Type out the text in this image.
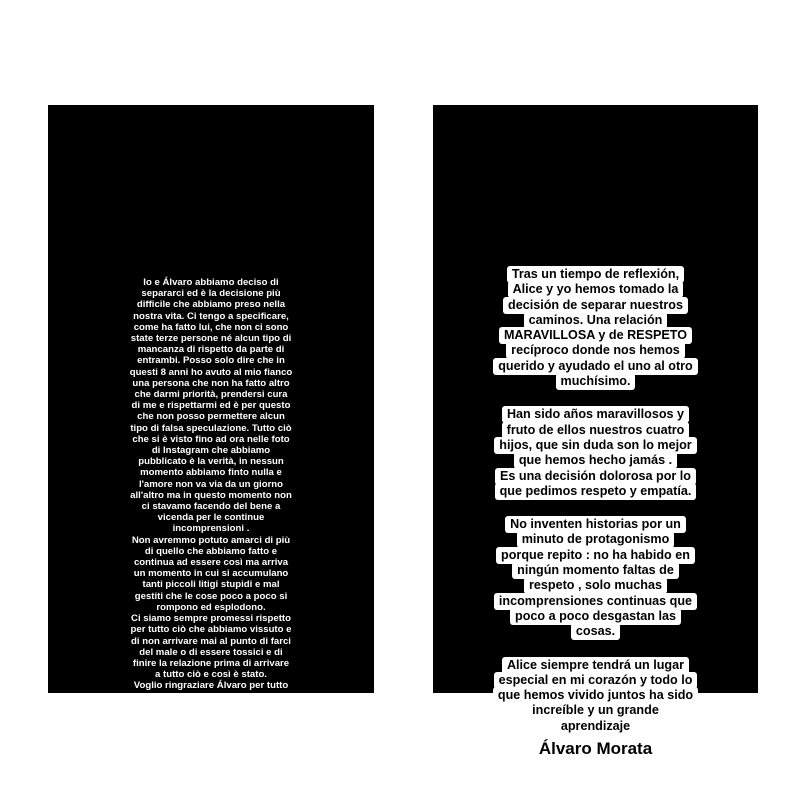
Io e Álvaro abbiamo deciso di
separarci ed è la decisione più
difficile che abbiamo preso nella
nostra vita. Ci tengo a specificare,
come ha fatto lui, che non ci sono
state terze persone né alcun tipo di
mancanza di rispetto da parte di
entrambi. Posso solo dire che in
questi 8 anni ho avuto al mio fianco
una persona che non ha fatto altro
che darmi priorità, prendersi cura
di me e rispettarmi ed è per questo
che non posso permettere alcun
tipo di falsa speculazione. Tutto ciò
che si è visto fino ad ora nelle foto
di Instagram che abbiamo
pubblicato è la verità, in nessun
momento abbiamo finto nulla e
l'amore non va via da un giorno
all'altro ma in questo momento non
ci stavamo facendo del bene a
vicenda per le continue
incomprensioni .
Non avremmo potuto amarci di più
di quello che abbiamo fatto e
continua ad essere così ma arriva
un momento in cui si accumulano
tanti piccoli litigi stupidi e mal
gestiti che le cose poco a poco si
rompono ed esplodono.
Ci siamo sempre promessi rispetto
per tutto ciò che abbiamo vissuto e
di non arrivare mai al punto di farci
del male o di essere tossici e di
finire la relazione prima di arrivare
a tutto ciò e così è stato.
Voglio ringraziare Álvaro per tutto
quello che ha fatto per me, per
come si è preso cura di me, per il
padre e il marito che è stato e
augurargli il meglio SEMPRE.
Tras un tiempo de reflexión,
Alice y yo hemos tomado la
decisión de separar nuestros
caminos. Una relación
MARAVILLOSA y de RESPETO
recíproco donde nos hemos
querido y ayudado el uno al otro
muchísimo.
Han sido años maravillosos y
fruto de ellos nuestros cuatro
hijos, que sin duda son lo mejor
que hemos hecho jamás .
Es una decisión dolorosa por lo
que pedimos respeto y empatía.
No inventen historias por un
minuto de protagonismo
porque repito : no ha habido en
ningún momento faltas de
respeto , solo muchas
incomprensiones continuas que
poco a poco desgastan las
cosas.
Alice siempre tendrá un lugar
especial en mi corazón y todo lo
que hemos vivido juntos ha sido
increíble y un grande
aprendizaje
Álvaro Morata
